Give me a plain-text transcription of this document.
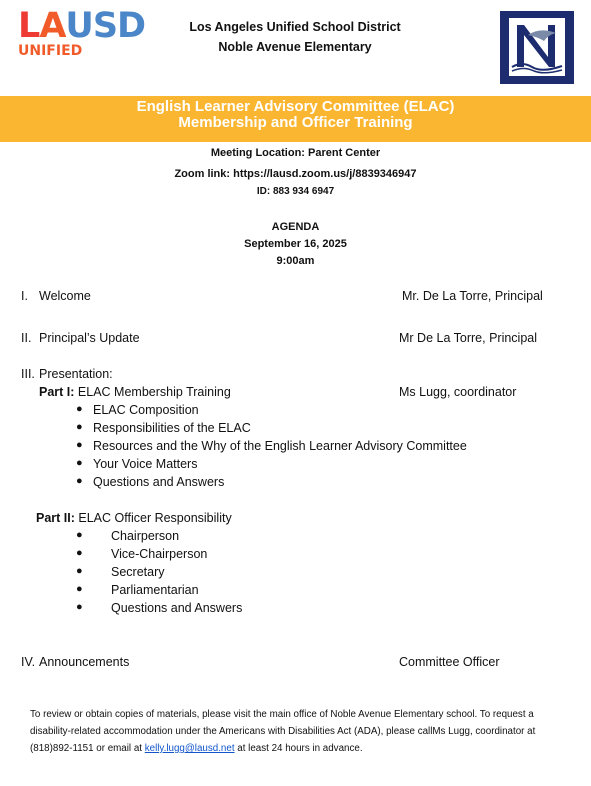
LAUSD
UNIFIED
Los Angeles Unified School District
Noble Avenue Elementary
English Learner Advisory Committee (ELAC)
Membership and Officer Training
Meeting Location: Parent Center
Zoom link: https://lausd.zoom.us/j/8839346947
ID: 883 934 6947
AGENDA
September 16, 2025
9:00am
I. Welcome	Mr. De La Torre, Principal
II. Principal’s Update	Mr De La Torre, Principal
III. Presentation:
Part I: ELAC Membership Training	Ms Lugg, coordinator
● ELAC Composition
● Responsibilities of the ELAC
● Resources and the Why of the English Learner Advisory Committee
● Your Voice Matters
● Questions and Answers
Part II: ELAC Officer Responsibility
● Chairperson
● Vice-Chairperson
● Secretary
● Parliamentarian
● Questions and Answers
IV. Announcements	Committee Officer
To review or obtain copies of materials, please visit the main office of Noble Avenue Elementary school. To request a disability-related accommodation under the Americans with Disabilities Act (ADA), please callMs Lugg, coordinator at (818)892-1151 or email at kelly.lugg@lausd.net at least 24 hours in advance.
